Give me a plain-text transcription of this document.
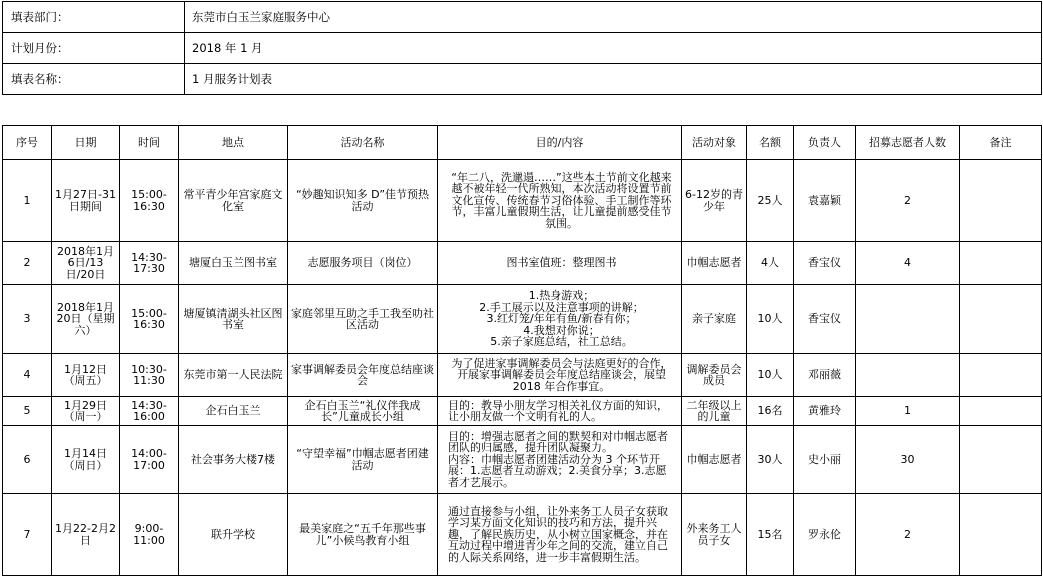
填表部门：	东莞市白玉兰家庭服务中心
计划月份：	2018 年 1 月
填表名称：	1 月服务计划表
序号	日期	时间	地点	活动名称	目的/内容	活动对象	名额	负责人	招募志愿者人数	备注
1	1月27日-31日期间	15:00-16:30	常平青少年宫家庭文化室	“妙趣知识知多 D”佳节预热活动	“年二八，洗邋遢……”这些本土节前文化越来越不被年轻一代所熟知，本次活动将设置节前文化宣传、传统春节习俗体验、手工制作等环节，丰富儿童假期生活，让儿童提前感受佳节氛围。	6-12岁的青少年	25人	袁嘉颖	2	
2	2018年1月6日/13日/20日	14:30-17:30	塘厦白玉兰图书室	志愿服务项目（岗位）	图书室值班：整理图书	巾帼志愿者	4人	香宝仪	4	
3	2018年1月20日（星期六）	15:00-16:30	塘厦镇清湖头社区图书室	家庭邻里互助之手工我至叻社区活动	1.热身游戏；
2.手工展示以及注意事项的讲解；
3.红灯笼/年年有鱼/新春有你；
4.我想对你说；
5.亲子家庭总结，社工总结。	亲子家庭	10人	香宝仪		
4	1月12日（周五）	10:30-11:30	东莞市第一人民法院	家事调解委员会年度总结座谈会	为了促进家事调解委员会与法庭更好的合作，开展家事调解委员会年度总结座谈会，展望 2018 年合作事宜。	调解委员会成员	10人	邓丽薇		
5	1月29日（周一）	14:30-16:00	企石白玉兰	企石白玉兰“礼仪伴我成长”儿童成长小组	目的：教导小朋友学习相关礼仪方面的知识，让小朋友做一个文明有礼的人。	二年级以上的儿童	16名	黄雅玲	1	
6	1月14日（周日）	14:00-17:00	社会事务大楼7楼	“守望幸福”巾帼志愿者团建活动	目的：增强志愿者之间的默契和对巾帼志愿者团队的归属感，提升团队凝聚力。
内容：巾帼志愿者团建活动分为 3 个环节开展：1.志愿者互动游戏；2.美食分享；3.志愿者才艺展示。	巾帼志愿者	30人	史小丽	30	
7	1月22-2月2日	9:00-11:00	联升学校	最美家庭之“五千年那些事儿”小候鸟教育小组	通过直接参与小组，让外来务工人员子女获取学习某方面文化知识的技巧和方法，提升兴趣，了解民族历史，从小树立国家概念，并在互动过程中增进青少年之间的交流，建立自己的人际关系网络，进一步丰富假期生活。	外来务工人员子女	15名	罗永伦	2	
